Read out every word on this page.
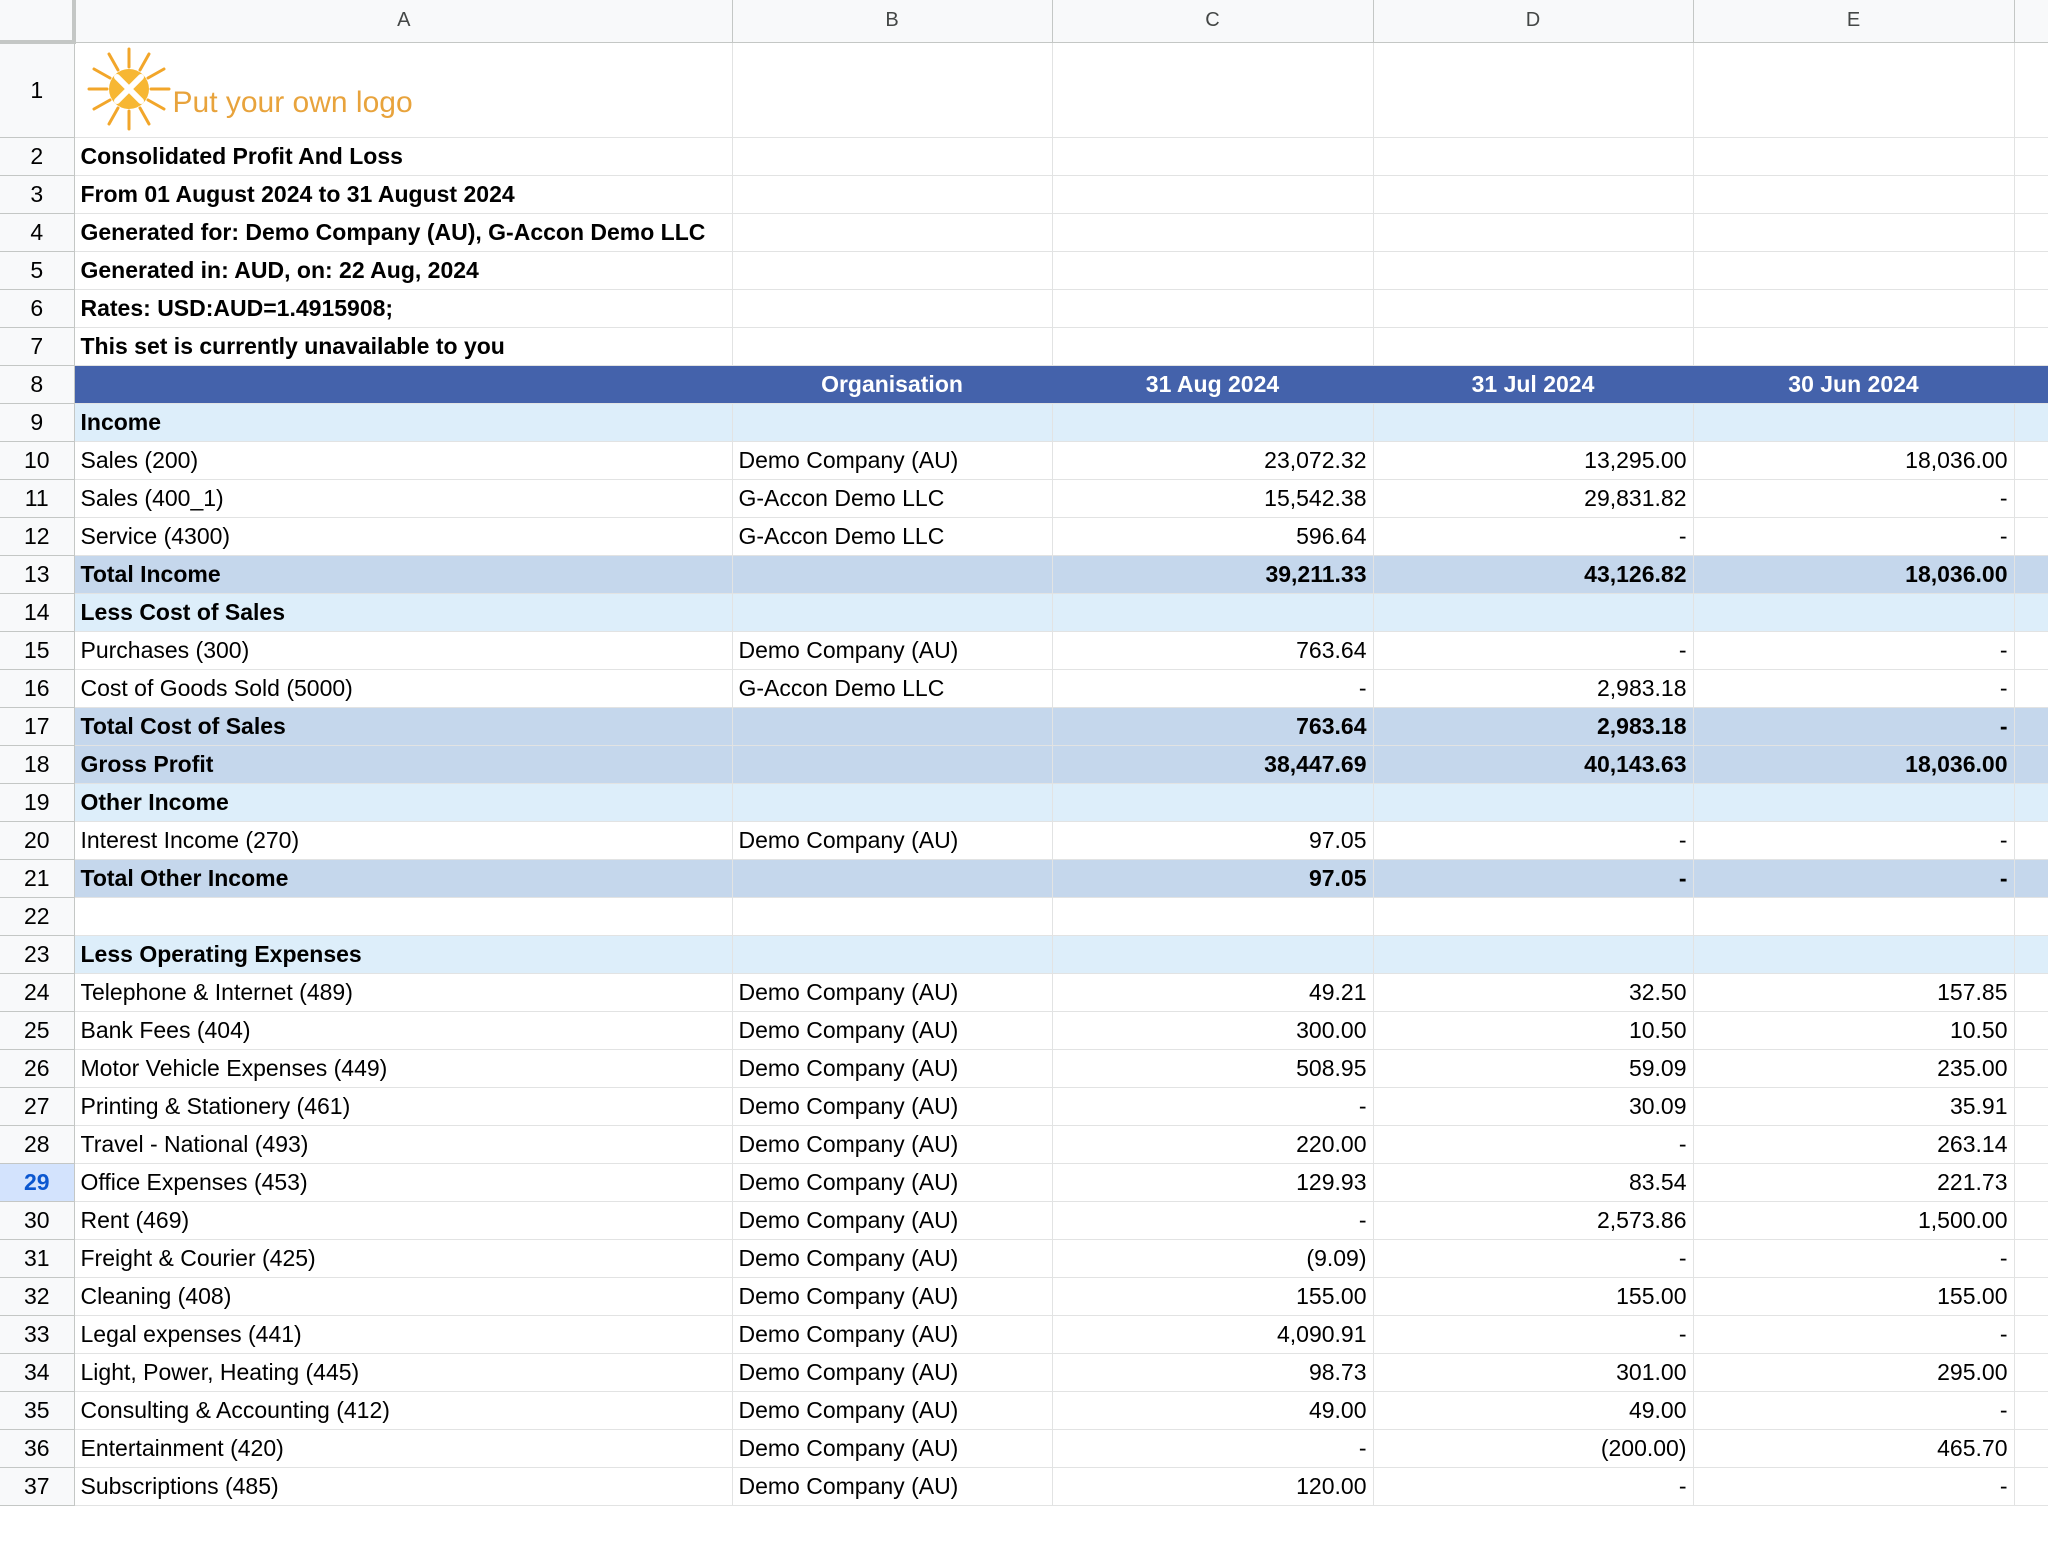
	A	B	C	D	E	
1	Put your own logo					

2	Consolidated Profit And Loss					
3	From 01 August 2024 to 31 August 2024					
4	Generated for: Demo Company (AU), G-Accon Demo LLC					
5	Generated in: AUD, on: 22 Aug, 2024					
6	Rates: USD:AUD=1.4915908;					
7	This set is currently unavailable to you					
8		Organisation	31 Aug 2024	31 Jul 2024	30 Jun 2024	
9	Income					
10	Sales (200)	Demo Company (AU)	23,072.32	13,295.00	18,036.00	
11	Sales (400_1)	G-Accon Demo LLC	15,542.38	29,831.82	-	
12	Service (4300)	G-Accon Demo LLC	596.64	-	-	
13	Total Income		39,211.33	43,126.82	18,036.00	
14	Less Cost of Sales					
15	Purchases (300)	Demo Company (AU)	763.64	-	-	
16	Cost of Goods Sold (5000)	G-Accon Demo LLC	-	2,983.18	-	
17	Total Cost of Sales		763.64	2,983.18	-	
18	Gross Profit		38,447.69	40,143.63	18,036.00	
19	Other Income					
20	Interest Income (270)	Demo Company (AU)	97.05	-	-	
21	Total Other Income		97.05	-	-	
22						
23	Less Operating Expenses					
24	Telephone & Internet (489)	Demo Company (AU)	49.21	32.50	157.85	
25	Bank Fees (404)	Demo Company (AU)	300.00	10.50	10.50	
26	Motor Vehicle Expenses (449)	Demo Company (AU)	508.95	59.09	235.00	
27	Printing & Stationery (461)	Demo Company (AU)	-	30.09	35.91	
28	Travel - National (493)	Demo Company (AU)	220.00	-	263.14	
29	Office Expenses (453)	Demo Company (AU)	129.93	83.54	221.73	
30	Rent (469)	Demo Company (AU)	-	2,573.86	1,500.00	
31	Freight & Courier (425)	Demo Company (AU)	(9.09)	-	-	
32	Cleaning (408)	Demo Company (AU)	155.00	155.00	155.00	
33	Legal expenses (441)	Demo Company (AU)	4,090.91	-	-	
34	Light, Power, Heating (445)	Demo Company (AU)	98.73	301.00	295.00	
35	Consulting & Accounting (412)	Demo Company (AU)	49.00	49.00	-	
36	Entertainment (420)	Demo Company (AU)	-	(200.00)	465.70	
37	Subscriptions (485)	Demo Company (AU)	120.00	-	-	
